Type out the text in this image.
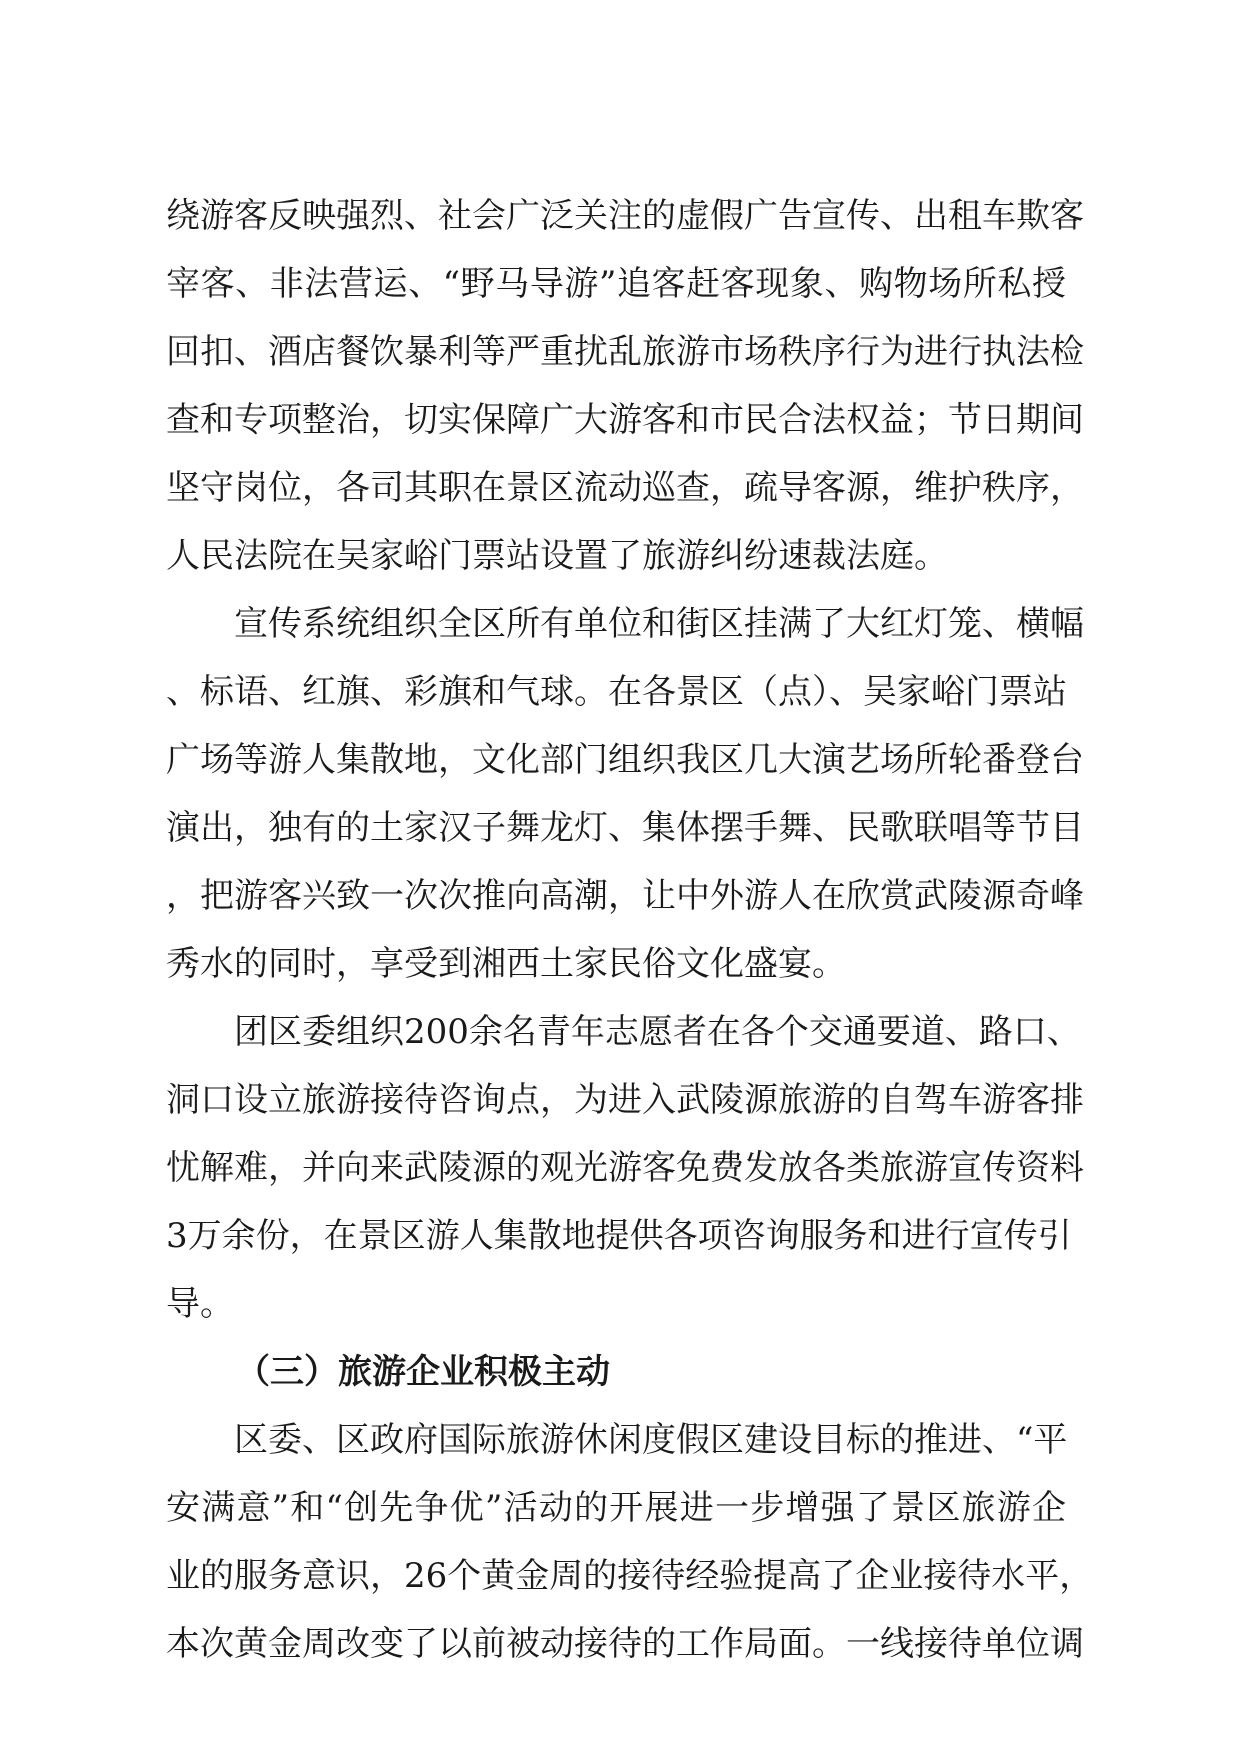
绕游客反映强烈、社会广泛关注的虚假广告宣传、出租车欺客
宰客、非法营运、“野马导游”追客赶客现象、购物场所私授
回扣、酒店餐饮暴利等严重扰乱旅游市场秩序行为进行执法检
查和专项整治，切实保障广大游客和市民合法权益；节日期间
坚守岗位，各司其职在景区流动巡查，疏导客源，维护秩序，
人民法院在吴家峪门票站设置了旅游纠纷速裁法庭。
宣传系统组织全区所有单位和街区挂满了大红灯笼、横幅
、标语、红旗、彩旗和气球。在各景区（点）、吴家峪门票站
广场等游人集散地，文化部门组织我区几大演艺场所轮番登台
演出，独有的土家汉子舞龙灯、集体摆手舞、民歌联唱等节目
，把游客兴致一次次推向高潮，让中外游人在欣赏武陵源奇峰
秀水的同时，享受到湘西土家民俗文化盛宴。
团区委组织200余名青年志愿者在各个交通要道、路口、
洞口设立旅游接待咨询点，为进入武陵源旅游的自驾车游客排
忧解难，并向来武陵源的观光游客免费发放各类旅游宣传资料
3万余份，在景区游人集散地提供各项咨询服务和进行宣传引
导。
（三）旅游企业积极主动
区委、区政府国际旅游休闲度假区建设目标的推进、“平
安满意”和“创先争优”活动的开展进一步增强了景区旅游企
业的服务意识，26个黄金周的接待经验提高了企业接待水平，
本次黄金周改变了以前被动接待的工作局面。一线接待单位调
